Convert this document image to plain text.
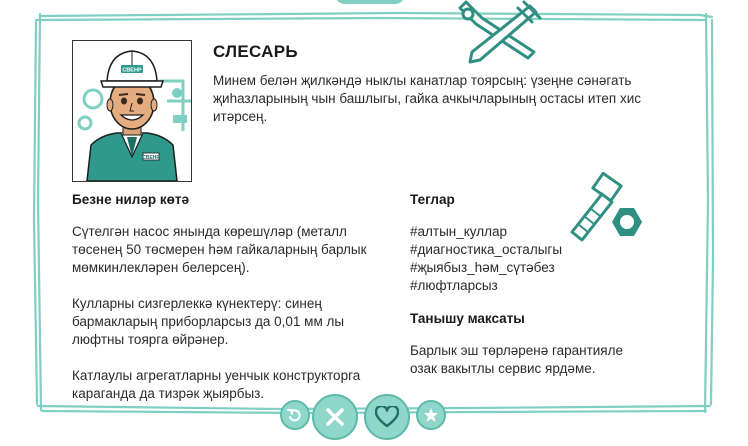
СВЕНР
СВЕНР
СЛЕСАРЬ
Минем белән җилкәндә ныклы канатлар тоярсың: үзеңне сәнәгать җиһазларының чын башлыгы, гайка ачкычларының остасы итеп хис итәрсең.
Безне ниләр көтә

Сүтелгән насос янында көрешүләр (металл төсенең 50 төсмерен һәм гайкаларның барлык мөмкинлекләрен белерсең).

Кулларны сизгерлеккә күнектерү: синең бармакларың приборларсыз да 0,01 мм лы люфтны тоярга өйрәнер.

Катлаулы агрегатларны уенчык конструкторга караганда да тизрәк җыярбыз.

Теглар
#алтын_куллар
#диагностика_осталыгы
#җыябыз_һәм_сүтәбез
#люфтларсыз
Танышу максаты

Барлык эш төрләренә гарантияле озак вакытлы сервис ярдәме.
